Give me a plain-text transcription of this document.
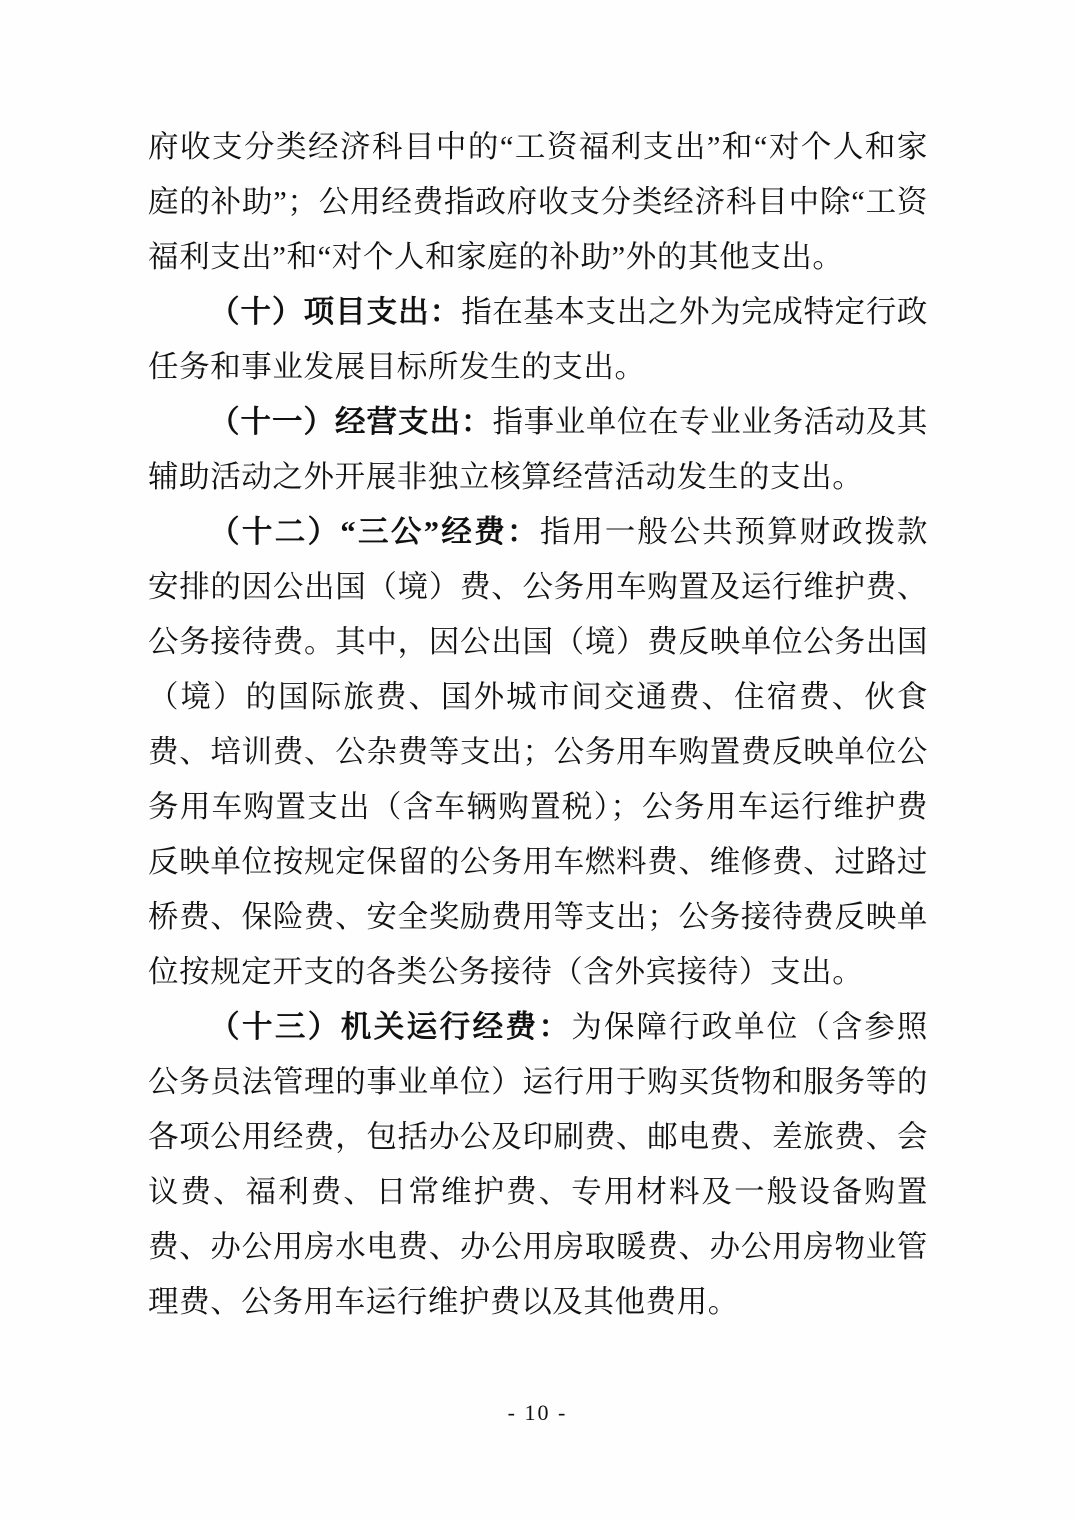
府收支分类经济科目中的“工资福利支出”和“对个人和家庭的补助”；公用经费指政府收支分类经济科目中除“工资福利支出”和“对个人和家庭的补助”外的其他支出。

（十）项目支出：指在基本支出之外为完成特定行政任务和事业发展目标所发生的支出。

（十一）经营支出：指事业单位在专业业务活动及其辅助活动之外开展非独立核算经营活动发生的支出。

（十二）“三公”经费：指用一般公共预算财政拨款安排的因公出国（境）费、公务用车购置及运行维护费、公务接待费。其中，因公出国（境）费反映单位公务出国（境）的国际旅费、国外城市间交通费、住宿费、伙食费、培训费、公杂费等支出；公务用车购置费反映单位公务用车购置支出（含车辆购置税）；公务用车运行维护费反映单位按规定保留的公务用车燃料费、维修费、过路过桥费、保险费、安全奖励费用等支出；公务接待费反映单位按规定开支的各类公务接待（含外宾接待）支出。

（十三）机关运行经费：为保障行政单位（含参照公务员法管理的事业单位）运行用于购买货物和服务等的各项公用经费，包括办公及印刷费、邮电费、差旅费、会议费、福利费、日常维护费、专用材料及一般设备购置费、办公用房水电费、办公用房取暖费、办公用房物业管理费、公务用车运行维护费以及其他费用。

- 10 -
